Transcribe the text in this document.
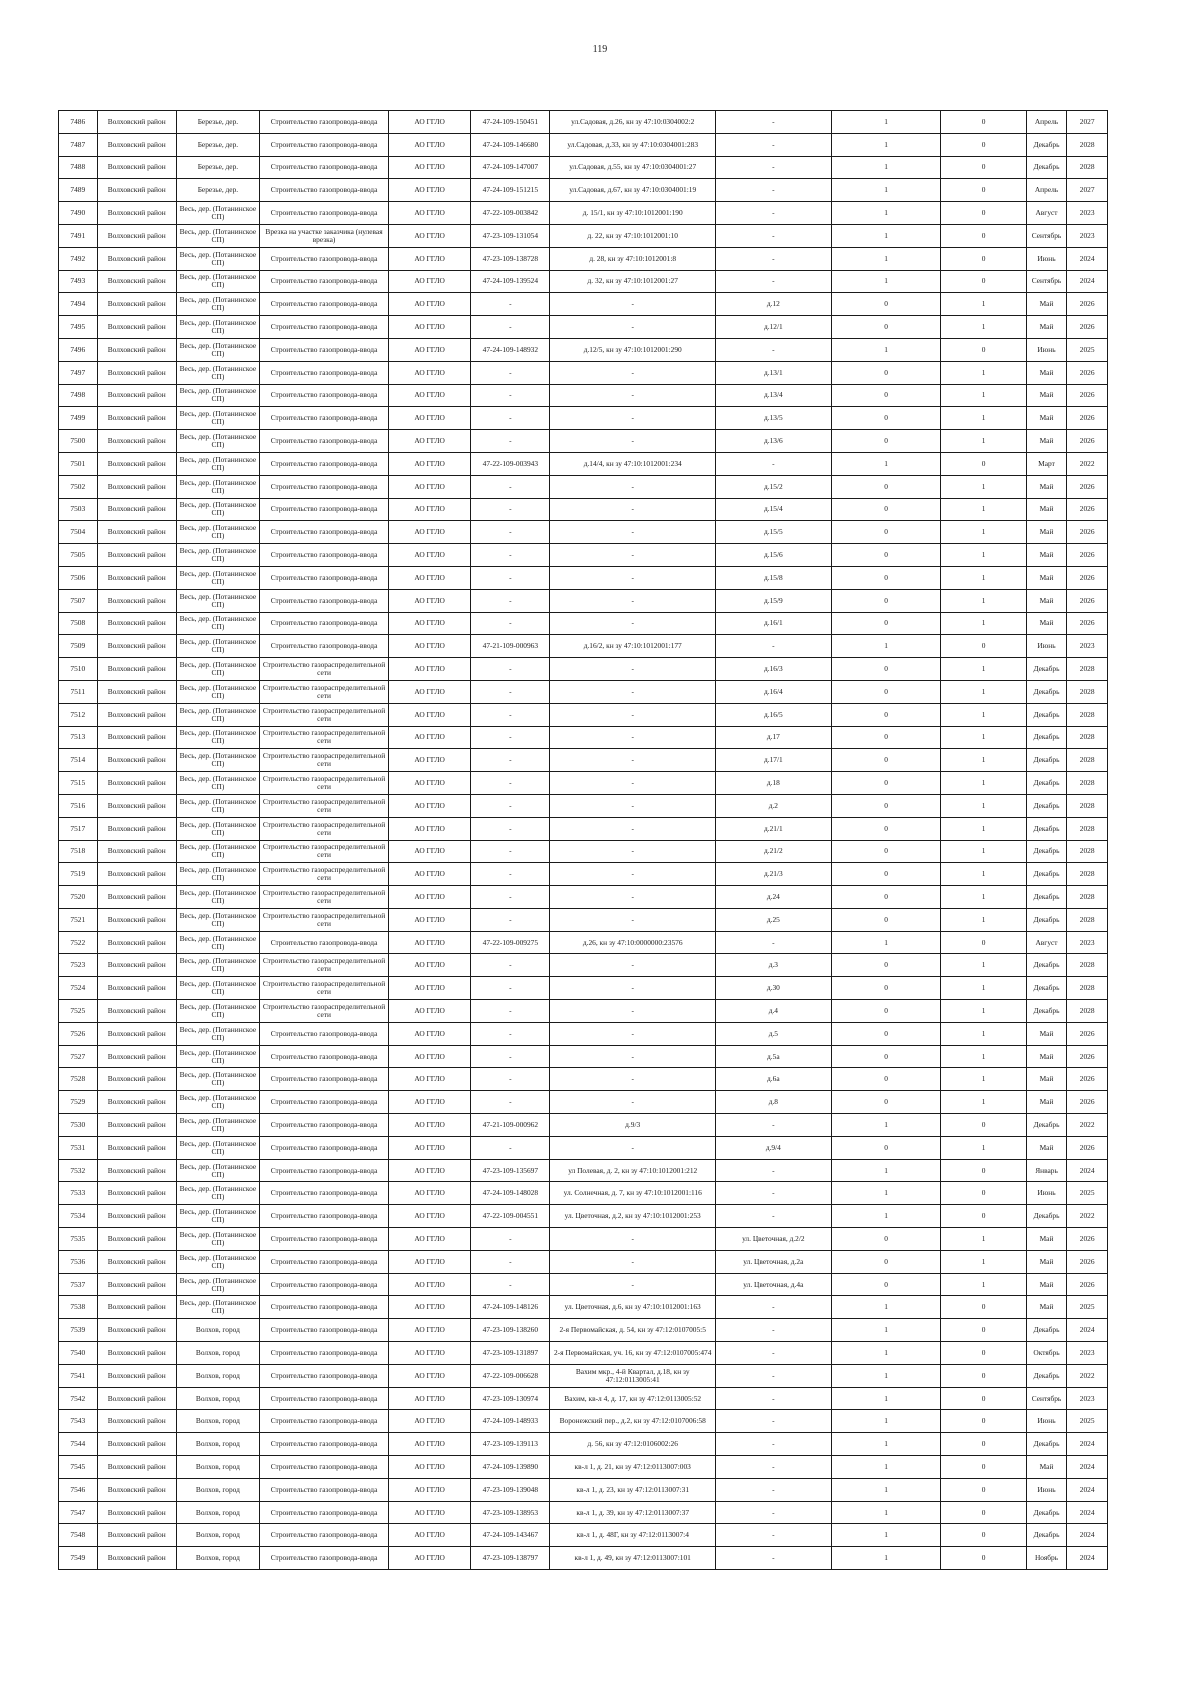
119
7486	Волховский район	Березье, дер.	Строительство газопровода-ввода	АО ГГЛО	47-24-109-150451	ул.Садовая, д.26, кн зу 47:10:0304002:2	-	1	0	Апрель	2027
7487	Волховский район	Березье, дер.	Строительство газопровода-ввода	АО ГГЛО	47-24-109-146680	ул.Садовая, д.33, кн зу 47:10:0304001:283	-	1	0	Декабрь	2028
7488	Волховский район	Березье, дер.	Строительство газопровода-ввода	АО ГГЛО	47-24-109-147007	ул.Садовая, д.55, кн зу 47:10:0304001:27	-	1	0	Декабрь	2028
7489	Волховский район	Березье, дер.	Строительство газопровода-ввода	АО ГГЛО	47-24-109-151215	ул.Садовая, д.67, кн зу 47:10:0304001:19	-	1	0	Апрель	2027
7490	Волховский район	Весь, дер. (Потанинское СП)	Строительство газопровода-ввода	АО ГГЛО	47-22-109-003842	д. 15/1, кн зу 47:10:1012001:190	-	1	0	Август	2023
7491	Волховский район	Весь, дер. (Потанинское СП)	Врезка на участке заказчика (нулевая врезка)	АО ГГЛО	47-23-109-131054	д. 22, кн зу 47:10:1012001:10	-	1	0	Сентябрь	2023
7492	Волховский район	Весь, дер. (Потанинское СП)	Строительство газопровода-ввода	АО ГГЛО	47-23-109-138728	д. 28, кн зу 47:10:1012001:8	-	1	0	Июнь	2024
7493	Волховский район	Весь, дер. (Потанинское СП)	Строительство газопровода-ввода	АО ГГЛО	47-24-109-139524	д. 32, кн зу 47:10:1012001:27	-	1	0	Сентябрь	2024
7494	Волховский район	Весь, дер. (Потанинское СП)	Строительство газопровода-ввода	АО ГГЛО	-	-	д.12	0	1	Май	2026
7495	Волховский район	Весь, дер. (Потанинское СП)	Строительство газопровода-ввода	АО ГГЛО	-	-	д.12/1	0	1	Май	2026
7496	Волховский район	Весь, дер. (Потанинское СП)	Строительство газопровода-ввода	АО ГГЛО	47-24-109-148932	д.12/5, кн зу 47:10:1012001:290	-	1	0	Июнь	2025
7497	Волховский район	Весь, дер. (Потанинское СП)	Строительство газопровода-ввода	АО ГГЛО	-	-	д.13/1	0	1	Май	2026
7498	Волховский район	Весь, дер. (Потанинское СП)	Строительство газопровода-ввода	АО ГГЛО	-	-	д.13/4	0	1	Май	2026
7499	Волховский район	Весь, дер. (Потанинское СП)	Строительство газопровода-ввода	АО ГГЛО	-	-	д.13/5	0	1	Май	2026
7500	Волховский район	Весь, дер. (Потанинское СП)	Строительство газопровода-ввода	АО ГГЛО	-	-	д.13/6	0	1	Май	2026
7501	Волховский район	Весь, дер. (Потанинское СП)	Строительство газопровода-ввода	АО ГГЛО	47-22-109-003943	д.14/4, кн зу 47:10:1012001:234	-	1	0	Март	2022
7502	Волховский район	Весь, дер. (Потанинское СП)	Строительство газопровода-ввода	АО ГГЛО	-	-	д.15/2	0	1	Май	2026
7503	Волховский район	Весь, дер. (Потанинское СП)	Строительство газопровода-ввода	АО ГГЛО	-	-	д.15/4	0	1	Май	2026
7504	Волховский район	Весь, дер. (Потанинское СП)	Строительство газопровода-ввода	АО ГГЛО	-	-	д.15/5	0	1	Май	2026
7505	Волховский район	Весь, дер. (Потанинское СП)	Строительство газопровода-ввода	АО ГГЛО	-	-	д.15/6	0	1	Май	2026
7506	Волховский район	Весь, дер. (Потанинское СП)	Строительство газопровода-ввода	АО ГГЛО	-	-	д.15/8	0	1	Май	2026
7507	Волховский район	Весь, дер. (Потанинское СП)	Строительство газопровода-ввода	АО ГГЛО	-	-	д.15/9	0	1	Май	2026
7508	Волховский район	Весь, дер. (Потанинское СП)	Строительство газопровода-ввода	АО ГГЛО	-	-	д.16/1	0	1	Май	2026
7509	Волховский район	Весь, дер. (Потанинское СП)	Строительство газопровода-ввода	АО ГГЛО	47-21-109-000963	д.16/2, кн зу 47:10:1012001:177	-	1	0	Июнь	2023
7510	Волховский район	Весь, дер. (Потанинское СП)	Строительство газораспределительной сети	АО ГГЛО	-	-	д.16/3	0	1	Декабрь	2028
7511	Волховский район	Весь, дер. (Потанинское СП)	Строительство газораспределительной сети	АО ГГЛО	-	-	д.16/4	0	1	Декабрь	2028
7512	Волховский район	Весь, дер. (Потанинское СП)	Строительство газораспределительной сети	АО ГГЛО	-	-	д.16/5	0	1	Декабрь	2028
7513	Волховский район	Весь, дер. (Потанинское СП)	Строительство газораспределительной сети	АО ГГЛО	-	-	д.17	0	1	Декабрь	2028
7514	Волховский район	Весь, дер. (Потанинское СП)	Строительство газораспределительной сети	АО ГГЛО	-	-	д.17/1	0	1	Декабрь	2028
7515	Волховский район	Весь, дер. (Потанинское СП)	Строительство газораспределительной сети	АО ГГЛО	-	-	д.18	0	1	Декабрь	2028
7516	Волховский район	Весь, дер. (Потанинское СП)	Строительство газораспределительной сети	АО ГГЛО	-	-	д.2	0	1	Декабрь	2028
7517	Волховский район	Весь, дер. (Потанинское СП)	Строительство газораспределительной сети	АО ГГЛО	-	-	д.21/1	0	1	Декабрь	2028
7518	Волховский район	Весь, дер. (Потанинское СП)	Строительство газораспределительной сети	АО ГГЛО	-	-	д.21/2	0	1	Декабрь	2028
7519	Волховский район	Весь, дер. (Потанинское СП)	Строительство газораспределительной сети	АО ГГЛО	-	-	д.21/3	0	1	Декабрь	2028
7520	Волховский район	Весь, дер. (Потанинское СП)	Строительство газораспределительной сети	АО ГГЛО	-	-	д.24	0	1	Декабрь	2028
7521	Волховский район	Весь, дер. (Потанинское СП)	Строительство газораспределительной сети	АО ГГЛО	-	-	д.25	0	1	Декабрь	2028
7522	Волховский район	Весь, дер. (Потанинское СП)	Строительство газопровода-ввода	АО ГГЛО	47-22-109-009275	д.26, кн зу 47:10:0000000:23576	-	1	0	Август	2023
7523	Волховский район	Весь, дер. (Потанинское СП)	Строительство газораспределительной сети	АО ГГЛО	-	-	д.3	0	1	Декабрь	2028
7524	Волховский район	Весь, дер. (Потанинское СП)	Строительство газораспределительной сети	АО ГГЛО	-	-	д.30	0	1	Декабрь	2028
7525	Волховский район	Весь, дер. (Потанинское СП)	Строительство газораспределительной сети	АО ГГЛО	-	-	д.4	0	1	Декабрь	2028
7526	Волховский район	Весь, дер. (Потанинское СП)	Строительство газопровода-ввода	АО ГГЛО	-	-	д.5	0	1	Май	2026
7527	Волховский район	Весь, дер. (Потанинское СП)	Строительство газопровода-ввода	АО ГГЛО	-	-	д.5а	0	1	Май	2026
7528	Волховский район	Весь, дер. (Потанинское СП)	Строительство газопровода-ввода	АО ГГЛО	-	-	д.6а	0	1	Май	2026
7529	Волховский район	Весь, дер. (Потанинское СП)	Строительство газопровода-ввода	АО ГГЛО	-	-	д.8	0	1	Май	2026
7530	Волховский район	Весь, дер. (Потанинское СП)	Строительство газопровода-ввода	АО ГГЛО	47-21-109-000962	д.9/3	-	1	0	Декабрь	2022
7531	Волховский район	Весь, дер. (Потанинское СП)	Строительство газопровода-ввода	АО ГГЛО	-	-	д.9/4	0	1	Май	2026
7532	Волховский район	Весь, дер. (Потанинское СП)	Строительство газопровода-ввода	АО ГГЛО	47-23-109-135697	ул Полевая, д. 2, кн зу 47:10:1012001:212	-	1	0	Январь	2024
7533	Волховский район	Весь, дер. (Потанинское СП)	Строительство газопровода-ввода	АО ГГЛО	47-24-109-148028	ул. Солнечная, д. 7, кн зу 47:10:1012001:116	-	1	0	Июнь	2025
7534	Волховский район	Весь, дер. (Потанинское СП)	Строительство газопровода-ввода	АО ГГЛО	47-22-109-004551	ул. Цветочная, д.2, кн зу 47:10:1012001:253	-	1	0	Декабрь	2022
7535	Волховский район	Весь, дер. (Потанинское СП)	Строительство газопровода-ввода	АО ГГЛО	-	-	ул. Цветочная, д.2/2	0	1	Май	2026
7536	Волховский район	Весь, дер. (Потанинское СП)	Строительство газопровода-ввода	АО ГГЛО	-	-	ул. Цветочная, д.2а	0	1	Май	2026
7537	Волховский район	Весь, дер. (Потанинское СП)	Строительство газопровода-ввода	АО ГГЛО	-	-	ул. Цветочная, д.4а	0	1	Май	2026
7538	Волховский район	Весь, дер. (Потанинское СП)	Строительство газопровода-ввода	АО ГГЛО	47-24-109-148126	ул. Цветочная, д.6, кн зу 47:10:1012001:163	-	1	0	Май	2025
7539	Волховский район	Волхов, город	Строительство газопровода-ввода	АО ГГЛО	47-23-109-138260	2-я Первомайская, д. 54, кн зу 47:12:0107005:5	-	1	0	Декабрь	2024
7540	Волховский район	Волхов, город	Строительство газопровода-ввода	АО ГГЛО	47-23-109-131897	2-я Первомайская, уч. 16, кн зу 47:12:0107005:474	-	1	0	Октябрь	2023
7541	Волховский район	Волхов, город	Строительство газопровода-ввода	АО ГГЛО	47-22-109-006628	Вахим мкр., 4-й Квартал, д.18, кн зу 47:12:0113005:41	-	1	0	Декабрь	2022
7542	Волховский район	Волхов, город	Строительство газопровода-ввода	АО ГГЛО	47-23-109-130974	Вахим, кв-л 4, д. 17, кн зу 47:12:0113005:52	-	1	0	Сентябрь	2023
7543	Волховский район	Волхов, город	Строительство газопровода-ввода	АО ГГЛО	47-24-109-148933	Воронежский пер., д.2, кн зу 47:12:0107006:58	-	1	0	Июнь	2025
7544	Волховский район	Волхов, город	Строительство газопровода-ввода	АО ГГЛО	47-23-109-139113	д. 56, кн зу 47:12:0106002:26	-	1	0	Декабрь	2024
7545	Волховский район	Волхов, город	Строительство газопровода-ввода	АО ГГЛО	47-24-109-139890	кв-л 1, д. 21, кн зу 47:12:0113007:003	-	1	0	Май	2024
7546	Волховский район	Волхов, город	Строительство газопровода-ввода	АО ГГЛО	47-23-109-139048	кв-л 1, д. 23, кн зу 47:12:0113007:31	-	1	0	Июнь	2024
7547	Волховский район	Волхов, город	Строительство газопровода-ввода	АО ГГЛО	47-23-109-138953	кв-л 1, д. 39, кн зу 47:12:0113007:37	-	1	0	Декабрь	2024
7548	Волховский район	Волхов, город	Строительство газопровода-ввода	АО ГГЛО	47-24-109-143467	кв-л 1, д. 48Г, кн зу 47:12:0113007:4	-	1	0	Декабрь	2024
7549	Волховский район	Волхов, город	Строительство газопровода-ввода	АО ГГЛО	47-23-109-138797	кв-л 1, д. 49, кн зу 47:12:0113007:101	-	1	0	Ноябрь	2024
